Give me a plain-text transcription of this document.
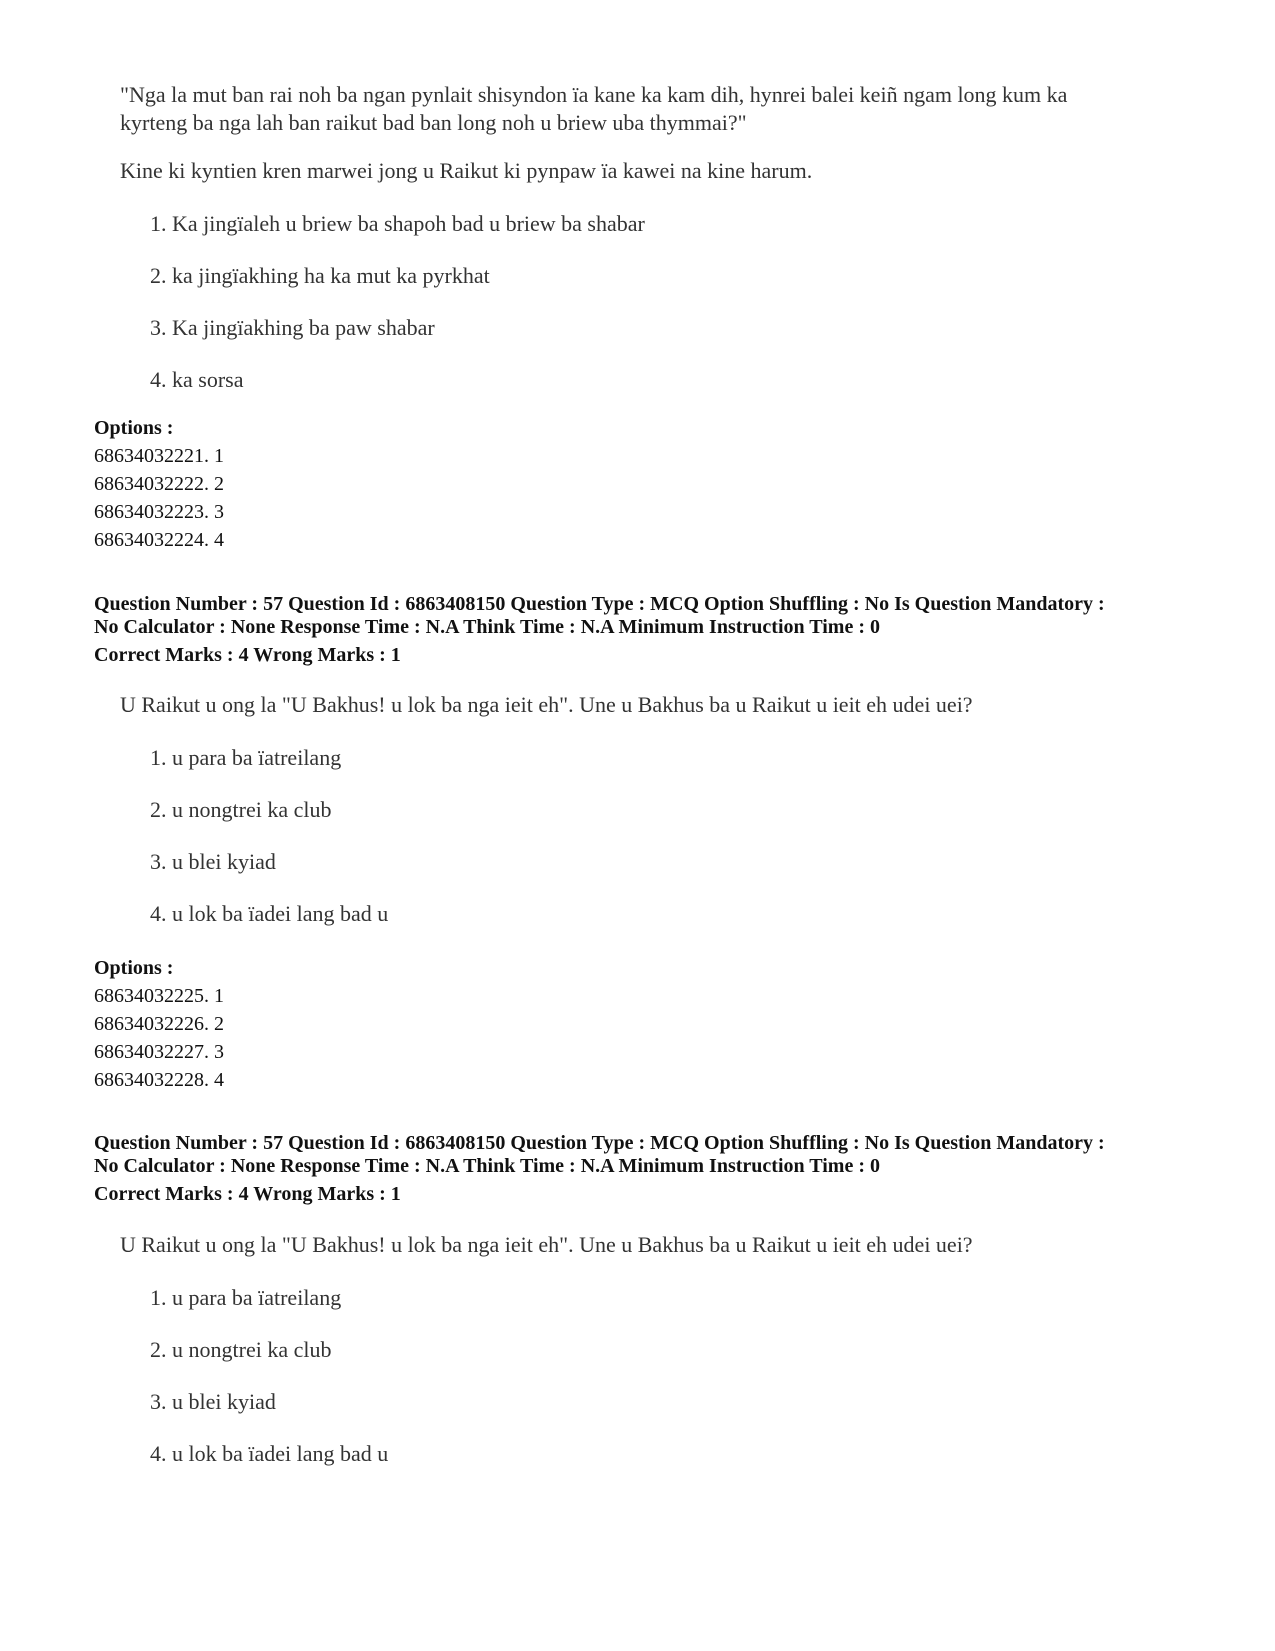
"Nga la mut ban rai noh ba ngan pynlait shisyndon ïa kane ka kam dih, hynrei balei keiñ ngam long kum ka
kyrteng ba nga lah ban raikut bad ban long noh u briew uba thymmai?"
Kine ki kyntien kren marwei jong u Raikut ki pynpaw ïa kawei na kine harum.
1. Ka jingïaleh u briew ba shapoh bad u briew ba shabar
2. ka jingïakhing ha ka mut ka pyrkhat
3. Ka jingïakhing ba paw shabar
4. ka sorsa
Options :
68634032221. 1
68634032222. 2
68634032223. 3
68634032224. 4
Question Number : 57 Question Id : 6863408150 Question Type : MCQ Option Shuffling : No Is Question Mandatory :
No Calculator : None Response Time : N.A Think Time : N.A Minimum Instruction Time : 0
Correct Marks : 4 Wrong Marks : 1
U Raikut u ong la "U Bakhus! u lok ba nga ieit eh". Une u Bakhus ba u Raikut u ieit eh udei uei?
1. u para ba ïatreilang
2. u nongtrei ka club
3. u blei kyiad
4. u lok ba ïadei lang bad u
Options :
68634032225. 1
68634032226. 2
68634032227. 3
68634032228. 4
Question Number : 57 Question Id : 6863408150 Question Type : MCQ Option Shuffling : No Is Question Mandatory :
No Calculator : None Response Time : N.A Think Time : N.A Minimum Instruction Time : 0
Correct Marks : 4 Wrong Marks : 1
U Raikut u ong la "U Bakhus! u lok ba nga ieit eh". Une u Bakhus ba u Raikut u ieit eh udei uei?
1. u para ba ïatreilang
2. u nongtrei ka club
3. u blei kyiad
4. u lok ba ïadei lang bad u
